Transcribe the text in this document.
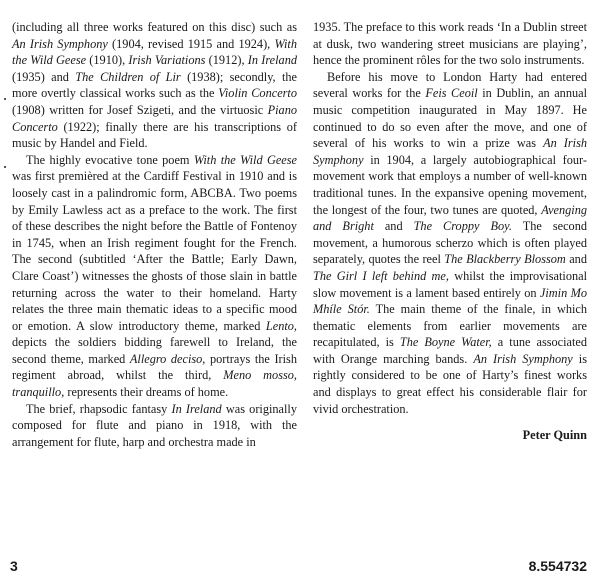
(including all three works featured on this disc) such as An Irish Symphony (1904, revised 1915 and 1924), With the Wild Geese (1910), Irish Variations (1912), In Ireland (1935) and The Children of Lir (1938); secondly, the more overtly classical works such as the Violin Concerto (1908) written for Josef Szigeti, and the virtuosic Piano Concerto (1922); finally there are his transcriptions of music by Handel and Field.

The highly evocative tone poem With the Wild Geese was first premièred at the Cardiff Festival in 1910 and is loosely cast in a palindromic form, ABCBA. Two poems by Emily Lawless act as a preface to the work. The first of these describes the night before the Battle of Fontenoy in 1745, when an Irish regiment fought for the French. The second (subtitled ‘After the Battle; Early Dawn, Clare Coast’) witnesses the ghosts of those slain in battle returning across the water to their homeland. Harty relates the three main thematic ideas to a specific mood or emotion. A slow introductory theme, marked Lento, depicts the soldiers bidding farewell to Ireland, the second theme, marked Allegro deciso, portrays the Irish regiment abroad, whilst the third, Meno mosso, tranquillo, represents their dreams of home.

The brief, rhapsodic fantasy In Ireland was originally composed for flute and piano in 1918, with the arrangement for flute, harp and orchestra made in

1935. The preface to this work reads ‘In a Dublin street at dusk, two wandering street musicians are playing’, hence the prominent rôles for the two solo instruments.

Before his move to London Harty had entered several works for the Feis Ceoil in Dublin, an annual music competition inaugurated in May 1897. He continued to do so even after the move, and one of several of his works to win a prize was An Irish Symphony in 1904, a largely autobiographical four-movement work that employs a number of well-known traditional tunes. In the expansive opening movement, the longest of the four, two tunes are quoted, Avenging and Bright and The Croppy Boy. The second movement, a humorous scherzo which is often played separately, quotes the reel The Blackberry Blossom and The Girl I left behind me, whilst the improvisational slow movement is a lament based entirely on Jimin Mo Mhíle Stór. The main theme of the finale, in which thematic elements from earlier movements are recapitulated, is The Boyne Water, a tune associated with Orange marching bands. An Irish Symphony is rightly considered to be one of Harty’s finest works and displays to great effect his considerable flair for vivid orchestration.

Peter Quinn

3	8.554732
